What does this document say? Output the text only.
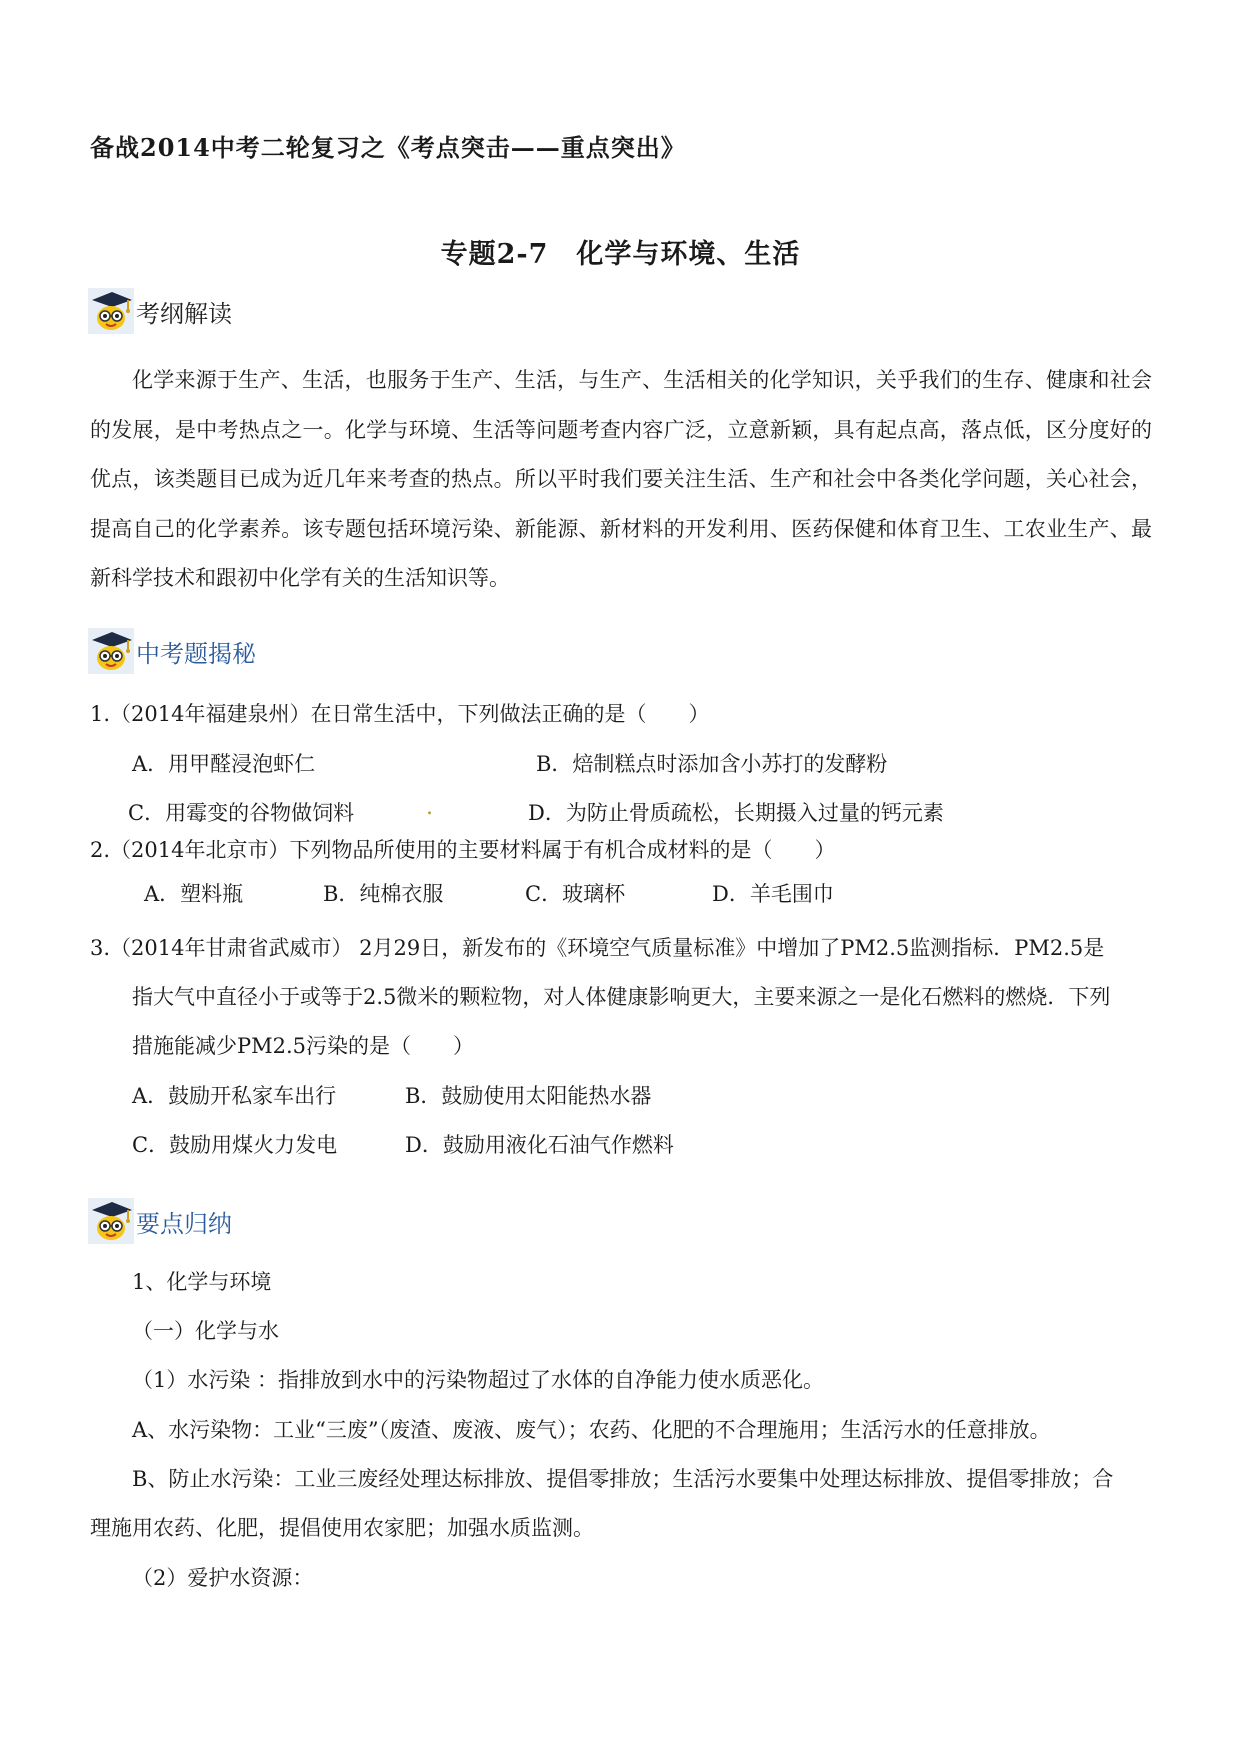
备战2014中考二轮复习之《考点突击——重点突出》
专题2-7　化学与环境、生活
考纲解读
化学来源于生产、生活，也服务于生产、生活，与生产、生活相关的化学知识，关乎我们的生存、健康和社会的发展，是中考热点之一。化学与环境、生活等问题考查内容广泛，立意新颖，具有起点高，落点低，区分度好的优点，该类题目已成为近几年来考查的热点。所以平时我们要关注生活、生产和社会中各类化学问题，关心社会，提高自己的化学素养。该专题包括环境污染、新能源、新材料的开发利用、医药保健和体育卫生、工农业生产、最新科学技术和跟初中化学有关的生活知识等。
中考题揭秘
1.（2014年福建泉州）在日常生活中，下列做法正确的是（　　）
A．用甲醛浸泡虾仁	B．焙制糕点时添加含小苏打的发酵粉
C．用霉变的谷物做饲料	.	D．为防止骨质疏松，长期摄入过量的钙元素
2.（2014年北京市）下列物品所使用的主要材料属于有机合成材料的是（　　）
A．塑料瓶	B．纯棉衣服	C．玻璃杯	D．羊毛围巾
3.（2014年甘肃省武威市） 2月29日，新发布的《环境空气质量标准》中增加了PM2.5监测指标．PM2.5是
指大气中直径小于或等于2.5微米的颗粒物，对人体健康影响更大，主要来源之一是化石燃料的燃烧．下列
措施能减少PM2.5污染的是（　　）
A．鼓励开私家车出行	B．鼓励使用太阳能热水器
C．鼓励用煤火力发电	D．鼓励用液化石油气作燃料
要点归纳
1、化学与环境
（一）化学与水
（1）水污染 ：指排放到水中的污染物超过了水体的自净能力使水质恶化。
A、水污染物：工业“三废”（废渣、废液、废气）；农药、化肥的不合理施用；生活污水的任意排放。
B、防止水污染：工业三废经处理达标排放、提倡零排放；生活污水要集中处理达标排放、提倡零排放；合
理施用农药、化肥，提倡使用农家肥；加强水质监测。
（2）爱护水资源：
